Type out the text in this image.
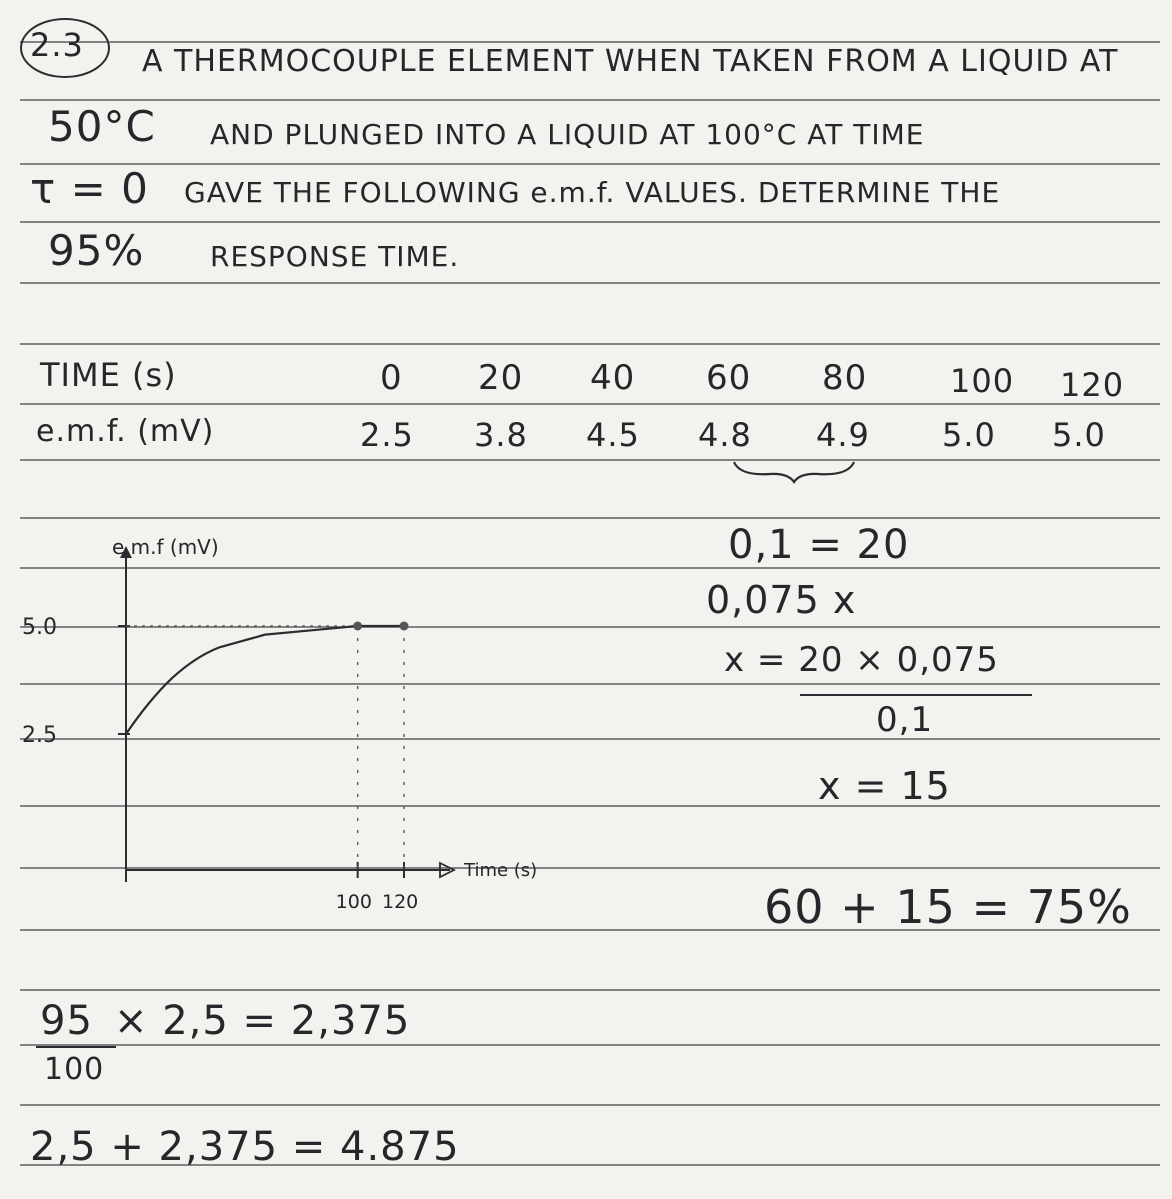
2.3 A THERMOCOUPLE ELEMENT WHEN TAKEN FROM A LIQUID AT
50°C AND PLUNGED INTO A LIQUID AT 100°C AT TIME
τ = 0 GAVE THE FOLLOWING e.m.f. VALUES. DETERMINE THE
95% RESPONSE TIME.
TIME (s)
e.m.f. (mV)
0 20 40 60 80	100 120
2.5 3.8 4.5 4.8 4.9 5.0 5.0
5.0
2.5
100 120
e.m.f (mV)
Time (s)
0,1 = 20
0,075 x
x = 20 × 0,075
0,1
x = 15
60 + 15 = 75%
95 × 2,5 = 2,375
100
2,5 + 2,375 = 4.875
